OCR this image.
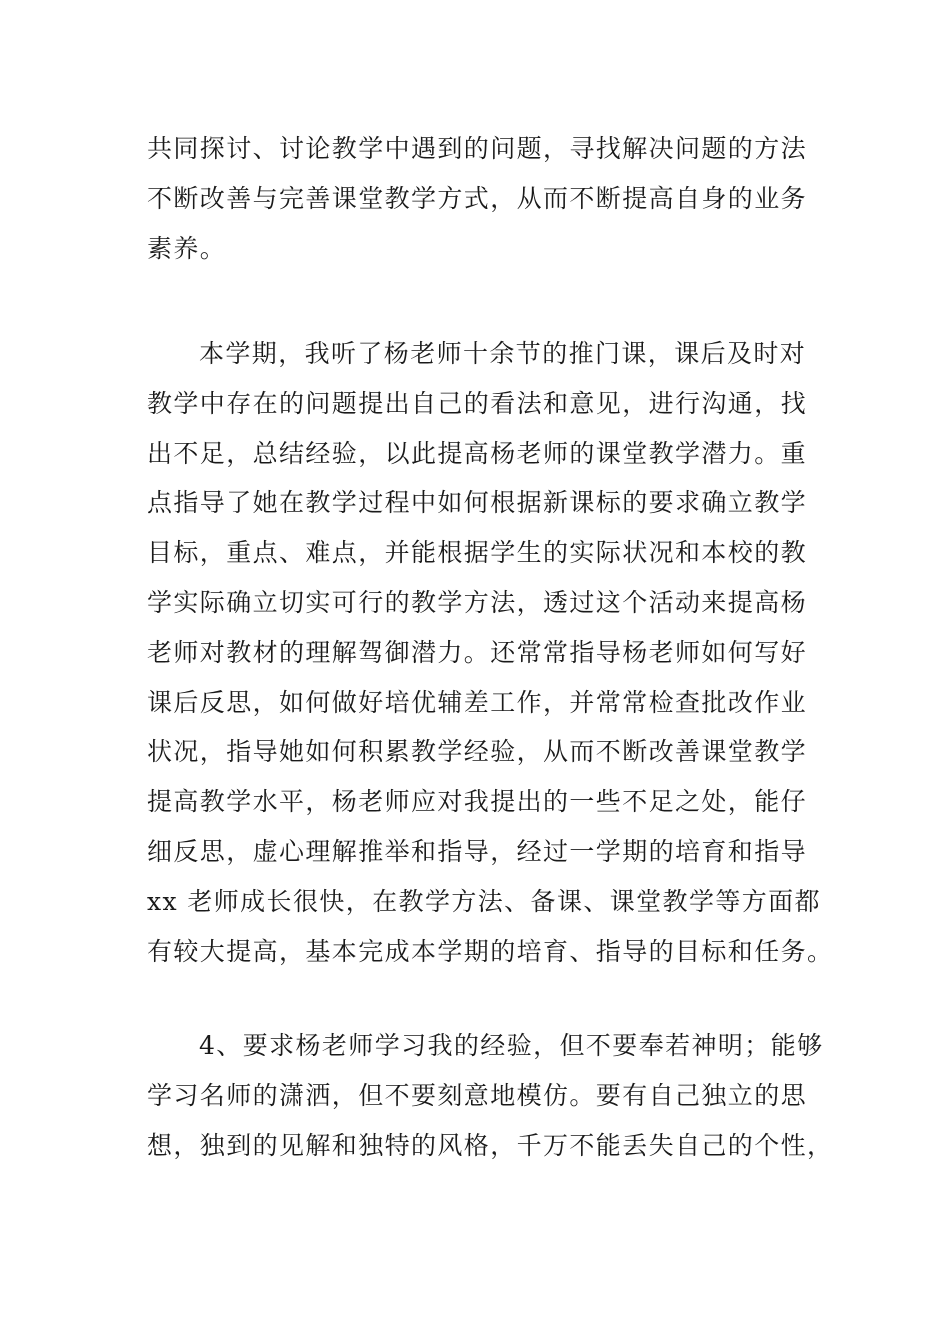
共同探讨、讨论教学中遇到的问题，寻找解决问题的方法
不断改善与完善课堂教学方式，从而不断提高自身的业务
素养。
本学期，我听了杨老师十余节的推门课，课后及时对
教学中存在的问题提出自己的看法和意见，进行沟通，找
出不足，总结经验，以此提高杨老师的课堂教学潜力。重
点指导了她在教学过程中如何根据新课标的要求确立教学
目标，重点、难点，并能根据学生的实际状况和本校的教
学实际确立切实可行的教学方法，透过这个活动来提高杨
老师对教材的理解驾御潜力。还常常指导杨老师如何写好
课后反思，如何做好培优辅差工作，并常常检查批改作业
状况，指导她如何积累教学经验，从而不断改善课堂教学
提高教学水平，杨老师应对我提出的一些不足之处，能仔
细反思，虚心理解推举和指导，经过一学期的培育和指导
xx 老师成长很快，在教学方法、备课、课堂教学等方面都
有较大提高，基本完成本学期的培育、指导的目标和任务。
4、要求杨老师学习我的经验，但不要奉若神明；能够
学习名师的潇洒，但不要刻意地模仿。要有自己独立的思
想，独到的见解和独特的风格，千万不能丢失自己的个性，
